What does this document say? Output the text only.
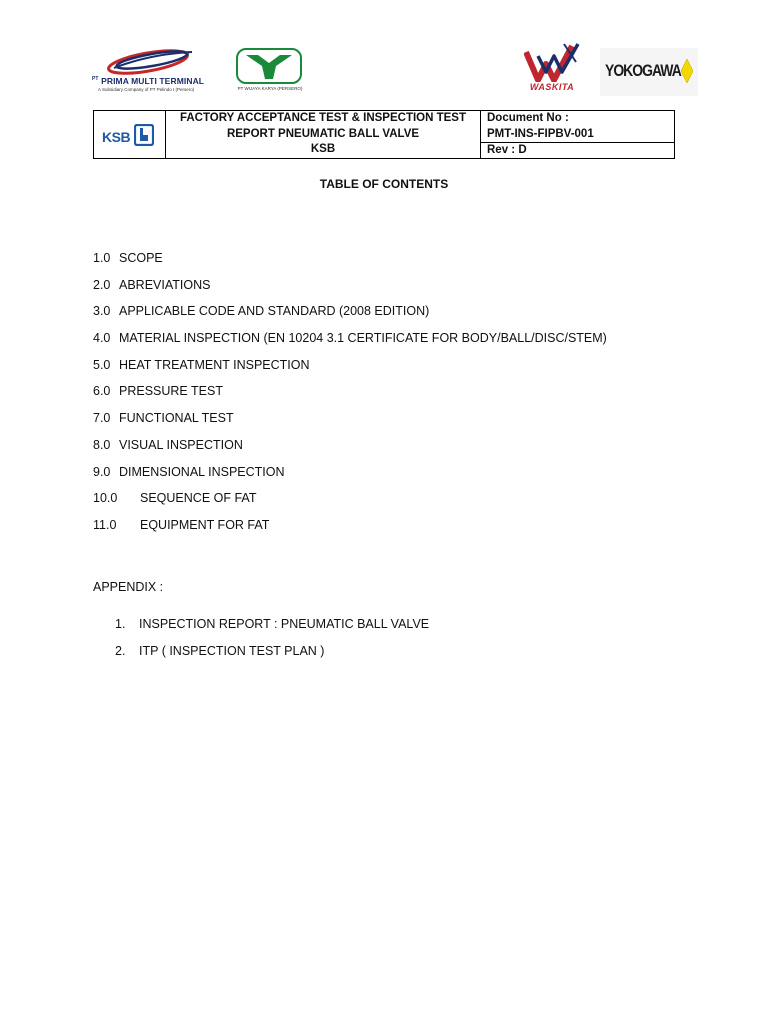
$^{PT}$ PRIMA MULTI TERMINAL
A Subsidiary Company of PT Pelindo I (Persero)	PT WIJAYA KARYA (PERSERO)	WASKITA
YOKOGAWA
KSB
FACTORY ACCEPTANCE TEST & INSPECTION TEST
REPORT PNEUMATIC BALL VALVE
KSB
Document No :
PMT-INS-FIPBV-001
Rev : D
TABLE OF CONTENTS
1.0 SCOPE
2.0 ABREVIATIONS
3.0 APPLICABLE CODE AND STANDARD (2008 EDITION)
4.0 MATERIAL INSPECTION (EN 10204 3.1 CERTIFICATE FOR BODY/BALL/DISC/STEM)
5.0 HEAT TREATMENT INSPECTION
6.0 PRESSURE TEST
7.0 FUNCTIONAL TEST
8.0 VISUAL INSPECTION
9.0 DIMENSIONAL INSPECTION
10.0 SEQUENCE OF FAT
11.0 EQUIPMENT FOR FAT
APPENDIX :
1. INSPECTION REPORT : PNEUMATIC BALL VALVE
2. ITP ( INSPECTION TEST PLAN )
